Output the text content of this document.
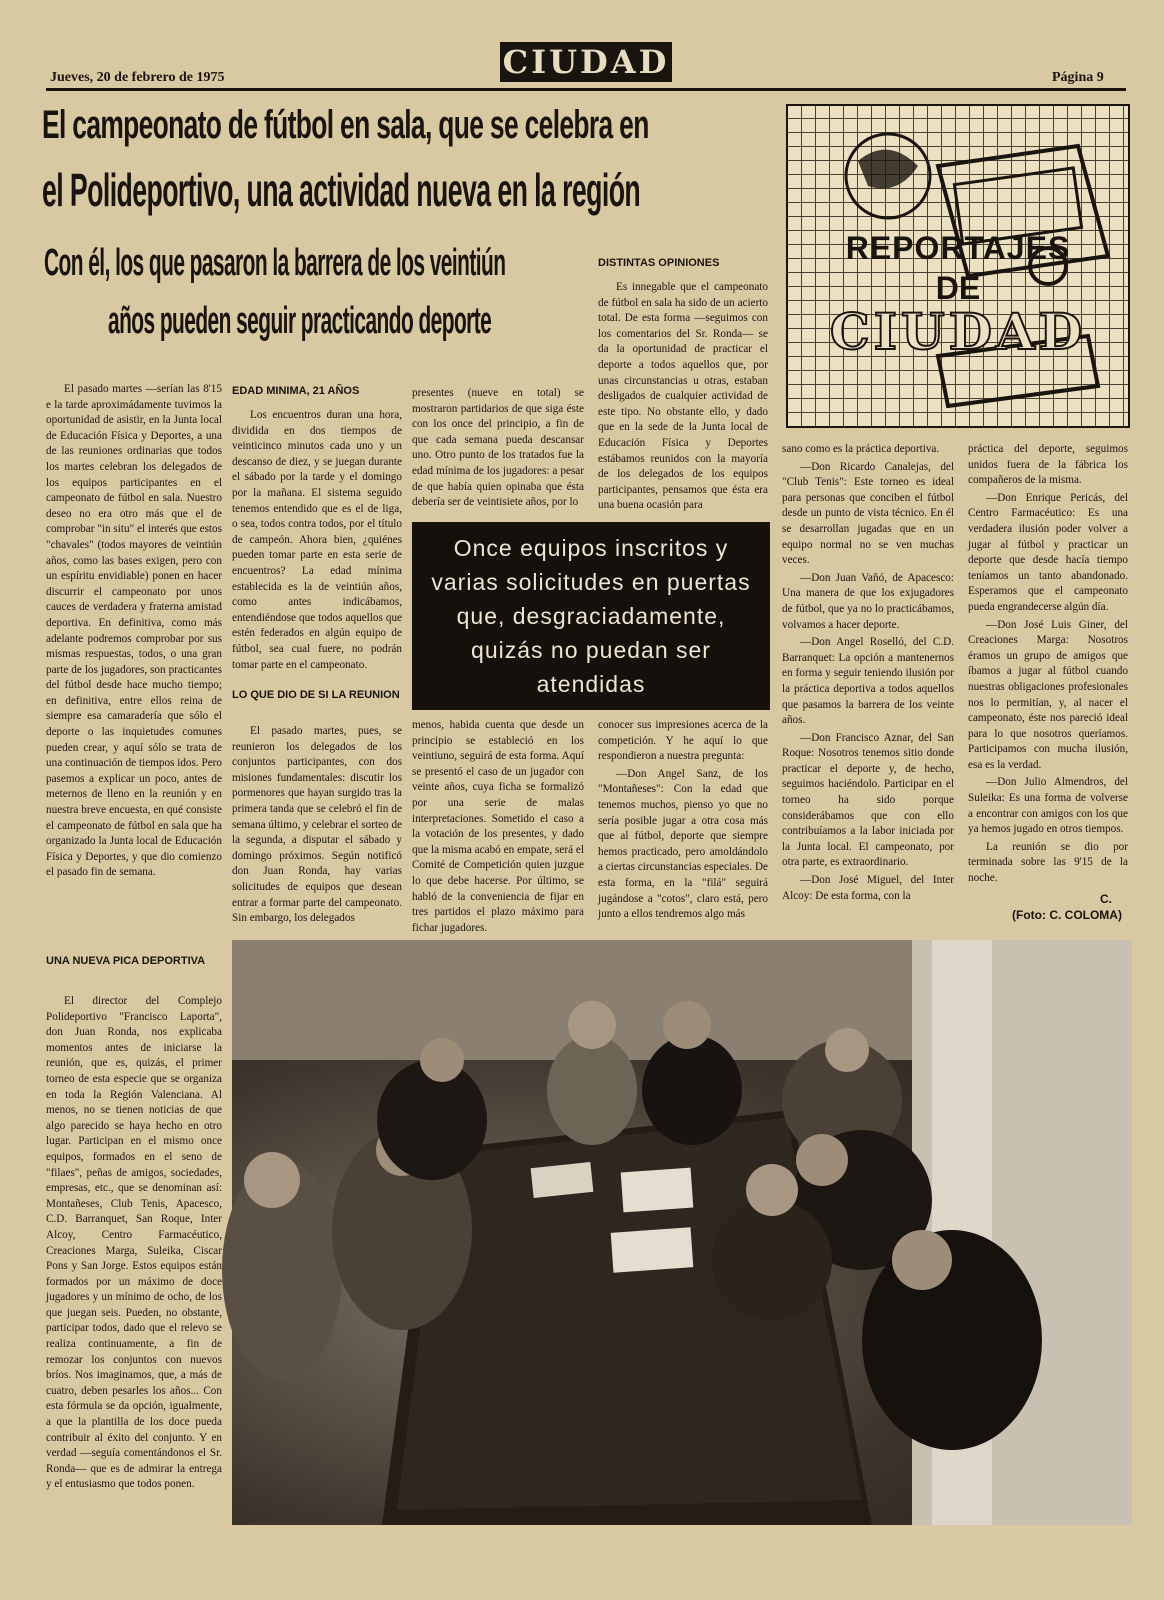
CIUDAD
Jueves, 20 de febrero de 1975	Página 9
El campeonato de fútbol en sala, que se celebra en
el Polideportivo, una actividad nueva en la región
Con él, los que pasaron la barrera de los veintiún
años pueden seguir practicando deporte
REPORTAJES
DE
CIUDAD

El pasado martes —serían las 8'15 e la tarde aproximádamente tuvimos la oportunidad de asistir, en la Junta local de Educación Física y Deportes, a una de las reuniones ordinarias que todos los martes celebran los delegados de los equipos participantes en el campeonato de fútbol en sala. Nuestro deseo no era otro más que el de comprobar "in situ" el interés que estos "chavales" (todos mayores de veintiún años, como las bases exigen, pero con un espíritu envidiable) ponen en hacer discurrir el campeonato por unos cauces de verdadera y fraterna amistad deportiva. En definitiva, como más adelante podremos comprobar por sus mismas respuestas, todos, o una gran parte de los jugadores, son practicantes del fútbol desde hace mucho tiempo; en definitiva, entre ellos reina de siempre esa camaradería que sólo el deporte o las inquietudes comunes pueden crear, y aquí sólo se trata de una continuación de tiempos idos. Pero pasemos a explicar un poco, antes de meternos de lleno en la reunión y en nuestra breve encuesta, en qué consiste el campeonato de fútbol en sala que ha organizado la Junta local de Educación Física y Deportes, y que dio comienzo el pasado fin de semana.

EDAD MINIMA, 21 AÑOS

Los encuentros duran una hora, dividida en dos tiempos de veinticinco minutos cada uno y un descanso de diez, y se juegan durante el sábado por la tarde y el domingo por la mañana. El sistema seguido tenemos entendido que es el de liga, o sea, todos contra todos, por el título de campeón. Ahora bien, ¿quiénes pueden tomar parte en esta serie de encuentros? La edad mínima establecida es la de veintiún años, como antes indicábamos, entendiéndose que todos aquellos que estén federados en algún equipo de fútbol, sea cual fuere, no podrán tomar parte en el campeonato.

LO QUE DIO DE SI LA REUNION

El pasado martes, pues, se reunieron los delegados de los conjuntos participantes, con dos misiones fundamentales: discutir los pormenores que hayan surgido tras la primera tanda que se celebró el fin de semana último, y celebrar el sorteo de la segunda, a disputar el sábado y domingo próximos. Según notificó don Juan Ronda, hay varias solicitudes de equipos que desean entrar a formar parte del campeonato. Sin embargo, los delegados

presentes (nueve en total) se mostraron partidarios de que siga éste con los once del principio, a fin de que cada semana pueda descansar uno. Otro punto de los tratados fue la edad mínima de los jugadores: a pesar de que había quien opinaba que ésta debería ser de veintisiete años, por lo

menos, habida cuenta que desde un principio se estableció en los veintiuno, seguirá de esta forma. Aquí se presentó el caso de un jugador con veinte años, cuya ficha se formalizó por una serie de malas interpretaciones. Sometido el caso a la votación de los presentes, y dado que la misma acabó en empate, será el Comité de Competición quien juzgue lo que debe hacerse. Por último, se habló de la conveniencia de fijar en tres partidos el plazo máximo para fichar jugadores.

DISTINTAS OPINIONES

Es innegable que el campeonato de fútbol en sala ha sido de un acierto total. De esta forma —seguimos con los comentarios del Sr. Ronda— se da la oportunidad de practicar el deporte a todos aquellos que, por unas circunstancias u otras, estaban desligados de cualquier actividad de este tipo. No obstante ello, y dado que en la sede de la Junta local de Educación Física y Deportes estábamos reunidos con la mayoría de los delegados de los equipos participantes, pensamos que ésta era una buena ocasión para

conocer sus impresiones acerca de la competición. Y he aquí lo que respondieron a nuestra pregunta:

—Don Angel Sanz, de los "Montañeses": Con la edad que tenemos muchos, pienso yo que no sería posible jugar a otra cosa más que al fútbol, deporte que siempre hemos practicado, pero amoldándolo a ciertas circunstancias especiales. De esta forma, en la "filá" seguirá jugándose a "cotos", claro está, pero junto a ellos tendremos algo más

Once equipos inscritos y varias solicitudes en puertas que, desgraciadamente, quizás no puedan ser atendidas

sano como es la práctica deportiva.

—Don Ricardo Canalejas, del "Club Tenis": Este torneo es ideal para personas que conciben el fútbol desde un punto de vista técnico. En él se desarrollan jugadas que en un equipo normal no se ven muchas veces.

—Don Juan Vañó, de Apacesco: Una manera de que los exjugadores de fútbol, que ya no lo practicábamos, volvamos a hacer deporte.

—Don Angel Roselló, del C.D. Barranquet: La opción a mantenernos en forma y seguir teniendo ilusión por la práctica deportiva a todos aquellos que pasamos la barrera de los veinte años.

—Don Francisco Aznar, del San Roque: Nosotros tenemos sitio donde practicar el deporte y, de hecho, seguimos haciéndolo. Participar en el torneo ha sido porque considerábamos que con ello contribuíamos a la labor iniciada por la Junta local. El campeonato, por otra parte, es extraordinario.

—Don José Miguel, del Inter Alcoy: De esta forma, con la

práctica del deporte, seguimos unidos fuera de la fábrica los compañeros de la misma.

—Don Enrique Pericás, del Centro Farmacéutico: Es una verdadera ilusión poder volver a jugar al fútbol y practicar un deporte que desde hacía tiempo teníamos un tanto abandonado. Esperamos que el campeonato pueda engrandecerse algún día.

—Don José Luis Giner, del Creaciones Marga: Nosotros éramos un grupo de amigos que íbamos a jugar al fútbol cuando nuestras obligaciones profesionales nos lo permitían, y, al nacer el campeonato, éste nos pareció ideal para lo que nosotros queríamos. Participamos con mucha ilusión, esa es la verdad.

—Don Julio Almendros, del Suleika: Es una forma de volverse a encontrar con amigos con los que ya hemos jugado en otros tiempos.

La reunión se dio por terminada sobre las 9'15 de la noche.

C.
(Foto: C. COLOMA)
UNA NUEVA PICA DEPORTIVA

El director del Complejo Polideportivo "Francisco Laporta", don Juan Ronda, nos explicaba momentos antes de iniciarse la reunión, que es, quizás, el primer torneo de esta especie que se organiza en toda la Región Valenciana. Al menos, no se tienen noticias de que algo parecido se haya hecho en otro lugar. Participan en el mismo once equipos, formados en el seno de "filaes", peñas de amigos, sociedades, empresas, etc., que se denominan así: Montañeses, Club Tenis, Apacesco, C.D. Barranquet, San Roque, Inter Alcoy, Centro Farmacéutico, Creaciones Marga, Suleika, Ciscar Pons y San Jorge. Estos equipos están formados por un máximo de doce jugadores y un mínimo de ocho, de los que juegan seis. Pueden, no obstante, participar todos, dado que el relevo se realiza continuamente, a fin de remozar los conjuntos con nuevos bríos. Nos imaginamos, que, a más de cuatro, deben pesarles los años... Con esta fórmula se da opción, igualmente, a que la plantilla de los doce pueda contribuir al éxito del conjunto. Y en verdad —seguía comentándonos el Sr. Ronda— que es de admirar la entrega y el entusiasmo que todos ponen.
